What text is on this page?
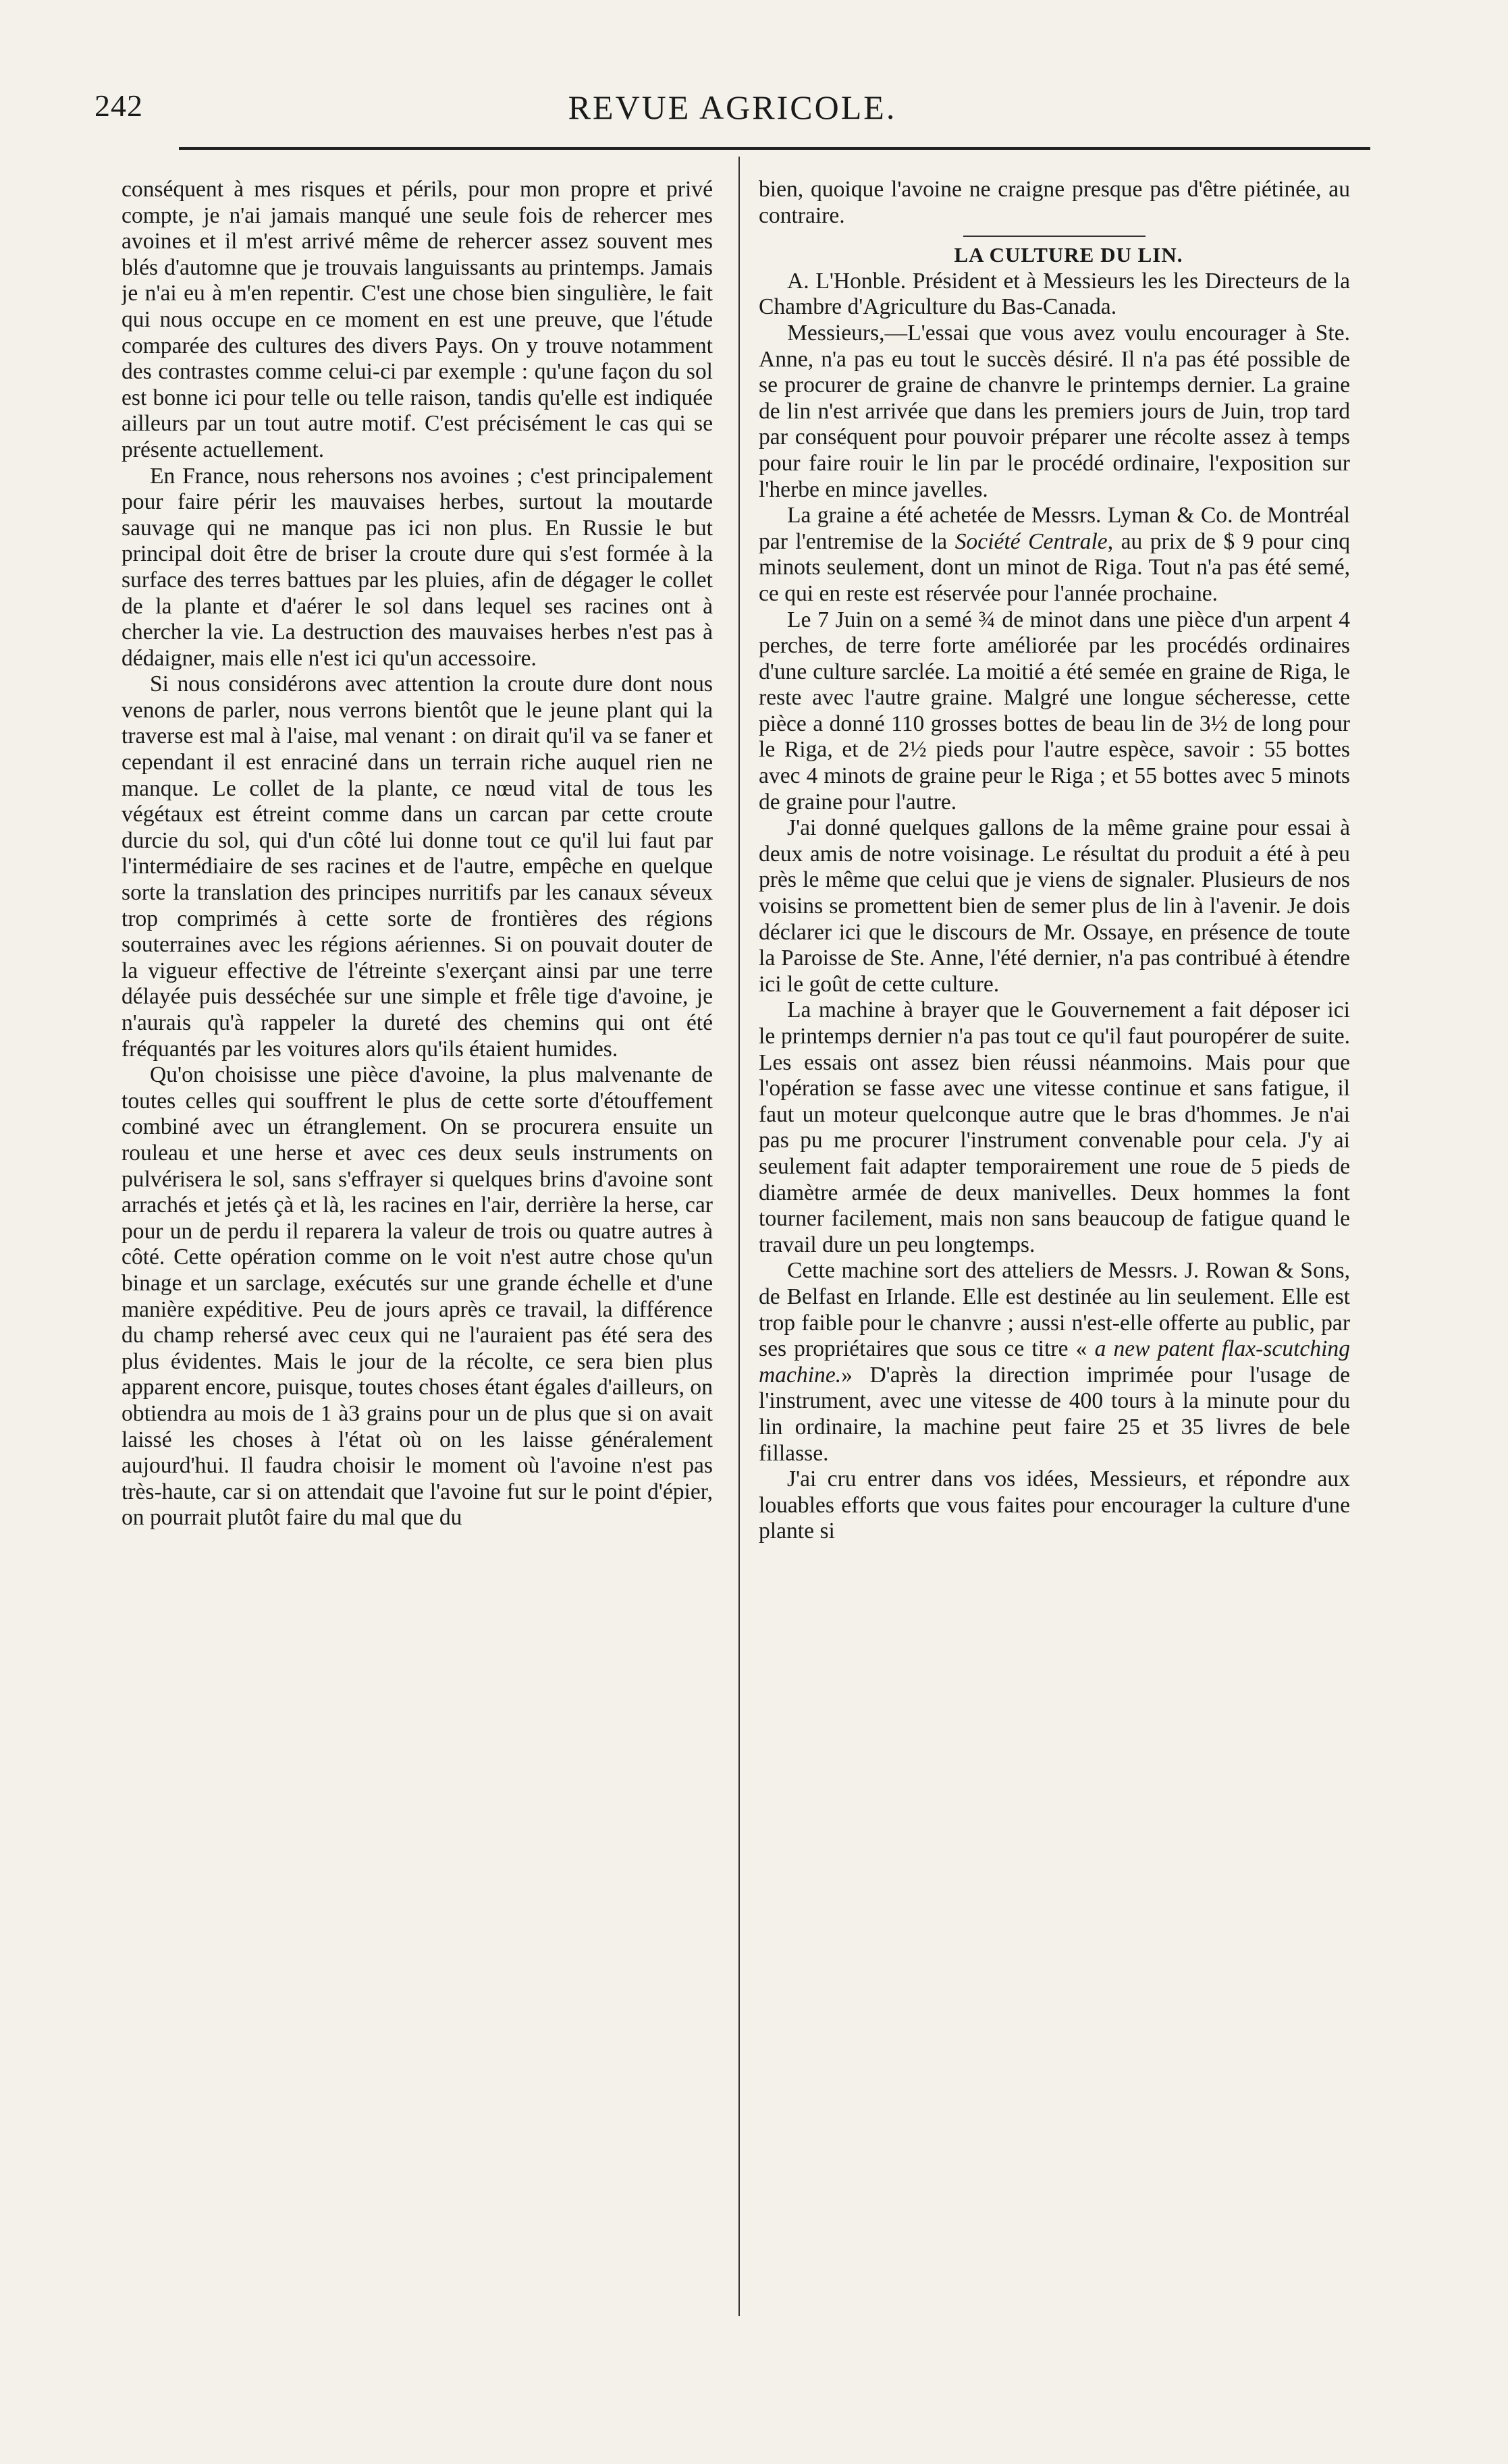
242	REVUE AGRICOLE.

conséquent à mes risques et périls, pour mon propre et privé compte, je n'ai jamais manqué une seule fois de rehercer mes avoines et il m'est arrivé même de rehercer assez souvent mes blés d'automne que je trouvais languissants au printemps. Jamais je n'ai eu à m'en repentir. C'est une chose bien singulière, le fait qui nous occupe en ce moment en est une preuve, que l'étude comparée des cultures des divers Pays. On y trouve notamment des contrastes comme celui-ci par exemple : qu'une façon du sol est bonne ici pour telle ou telle raison, tandis qu'elle est indiquée ailleurs par un tout autre motif. C'est précisément le cas qui se présente actuellement.

En France, nous rehersons nos avoines ; c'est principalement pour faire périr les mauvaises herbes, surtout la moutarde sauvage qui ne manque pas ici non plus. En Russie le but principal doit être de briser la croute dure qui s'est formée à la surface des terres battues par les pluies, afin de dégager le collet de la plante et d'aérer le sol dans lequel ses racines ont à chercher la vie. La destruction des mauvaises herbes n'est pas à dédaigner, mais elle n'est ici qu'un accessoire.

Si nous considérons avec attention la croute dure dont nous venons de parler, nous verrons bientôt que le jeune plant qui la traverse est mal à l'aise, mal venant : on dirait qu'il va se faner et cependant il est enraciné dans un terrain riche auquel rien ne manque. Le collet de la plante, ce nœud vital de tous les végétaux est étreint comme dans un carcan par cette croute durcie du sol, qui d'un côté lui donne tout ce qu'il lui faut par l'intermédiaire de ses racines et de l'autre, empêche en quelque sorte la translation des principes nurritifs par les canaux séveux trop comprimés à cette sorte de frontières des régions souterraines avec les régions aériennes. Si on pouvait douter de la vigueur effective de l'étreinte s'exerçant ainsi par une terre délayée puis desséchée sur une simple et frêle tige d'avoine, je n'aurais qu'à rappeler la dureté des chemins qui ont été fréquantés par les voitures alors qu'ils étaient humides.

Qu'on choisisse une pièce d'avoine, la plus malvenante de toutes celles qui souffrent le plus de cette sorte d'étouffement combiné avec un étranglement. On se procurera ensuite un rouleau et une herse et avec ces deux seuls instruments on pulvérisera le sol, sans s'effrayer si quelques brins d'avoine sont arrachés et jetés çà et là, les racines en l'air, derrière la herse, car pour un de perdu il reparera la valeur de trois ou quatre autres à côté. Cette opération comme on le voit n'est autre chose qu'un binage et un sarclage, exécutés sur une grande échelle et d'une manière expéditive. Peu de jours après ce travail, la différence du champ rehersé avec ceux qui ne l'auraient pas été sera des plus évidentes. Mais le jour de la récolte, ce sera bien plus apparent encore, puisque, toutes choses étant égales d'ailleurs, on obtiendra au mois de 1 à3 grains pour un de plus que si on avait laissé les choses à l'état où on les laisse généralement aujourd'hui. Il faudra choisir le moment où l'avoine n'est pas très-haute, car si on attendait que l'avoine fut sur le point d'épier, on pourrait plutôt faire du mal que du

bien, quoique l'avoine ne craigne presque pas d'être piétinée, au contraire.

LA CULTURE DU LIN.

A. L'Honble. Président et à Messieurs les les Directeurs de la Chambre d'Agriculture du Bas-Canada.

Messieurs,—L'essai que vous avez voulu encourager à Ste. Anne, n'a pas eu tout le succès désiré. Il n'a pas été possible de se procurer de graine de chanvre le printemps dernier. La graine de lin n'est arrivée que dans les premiers jours de Juin, trop tard par conséquent pour pouvoir préparer une récolte assez à temps pour faire rouir le lin par le procédé ordinaire, l'exposition sur l'herbe en mince javelles.

La graine a été achetée de Messrs. Lyman & Co. de Montréal par l'entremise de la Société Centrale, au prix de $ 9 pour cinq minots seulement, dont un minot de Riga. Tout n'a pas été semé, ce qui en reste est réservée pour l'année prochaine.

Le 7 Juin on a semé ¾ de minot dans une pièce d'un arpent 4 perches, de terre forte améliorée par les procédés ordinaires d'une culture sarclée. La moitié a été semée en graine de Riga, le reste avec l'autre graine. Malgré une longue sécheresse, cette pièce a donné 110 grosses bottes de beau lin de 3½ de long pour le Riga, et de 2½ pieds pour l'autre espèce, savoir : 55 bottes avec 4 minots de graine peur le Riga ; et 55 bottes avec 5 minots de graine pour l'autre.

J'ai donné quelques gallons de la même graine pour essai à deux amis de notre voisinage. Le résultat du produit a été à peu près le même que celui que je viens de signaler. Plusieurs de nos voisins se promettent bien de semer plus de lin à l'avenir. Je dois déclarer ici que le discours de Mr. Ossaye, en présence de toute la Paroisse de Ste. Anne, l'été dernier, n'a pas contribué à étendre ici le goût de cette culture.

La machine à brayer que le Gouvernement a fait déposer ici le printemps dernier n'a pas tout ce qu'il faut pouropérer de suite. Les essais ont assez bien réussi néanmoins. Mais pour que l'opération se fasse avec une vitesse continue et sans fatigue, il faut un moteur quelconque autre que le bras d'hommes. Je n'ai pas pu me procurer l'instrument convenable pour cela. J'y ai seulement fait adapter temporairement une roue de 5 pieds de diamètre armée de deux manivelles. Deux hommes la font tourner facilement, mais non sans beaucoup de fatigue quand le travail dure un peu longtemps.

Cette machine sort des atteliers de Messrs. J. Rowan & Sons, de Belfast en Irlande. Elle est destinée au lin seulement. Elle est trop faible pour le chanvre ; aussi n'est-elle offerte au public, par ses propriétaires que sous ce titre « a new patent flax-scutching machine.» D'après la direction imprimée pour l'usage de l'instrument, avec une vitesse de 400 tours à la minute pour du lin ordinaire, la machine peut faire 25 et 35 livres de bele fillasse.

J'ai cru entrer dans vos idées, Messieurs, et répondre aux louables efforts que vous faites pour encourager la culture d'une plante si
